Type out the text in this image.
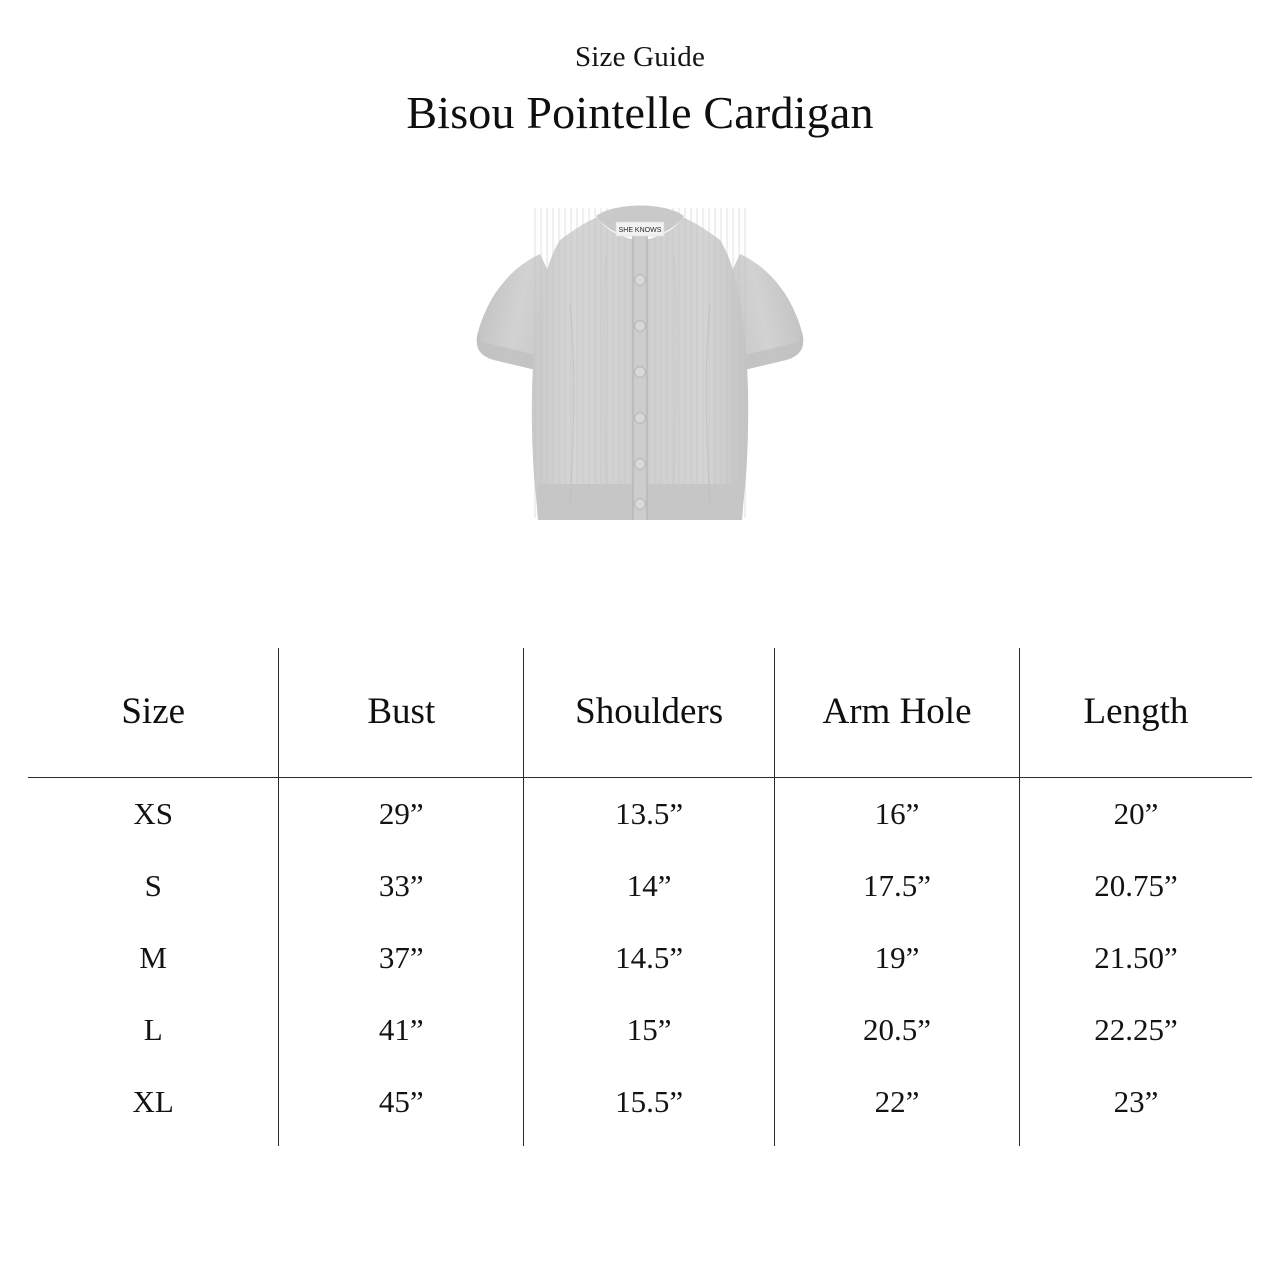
Size Guide
Bisou Pointelle Cardigan
SHE KNOWS
Size	Bust	Shoulders	Arm Hole	Length
XS	29”	13.5”	16”	20”
S	33”	14”	17.5”	20.75”
M	37”	14.5”	19”	21.50”
L	41”	15”	20.5”	22.25”
XL	45”	15.5”	22”	23”
